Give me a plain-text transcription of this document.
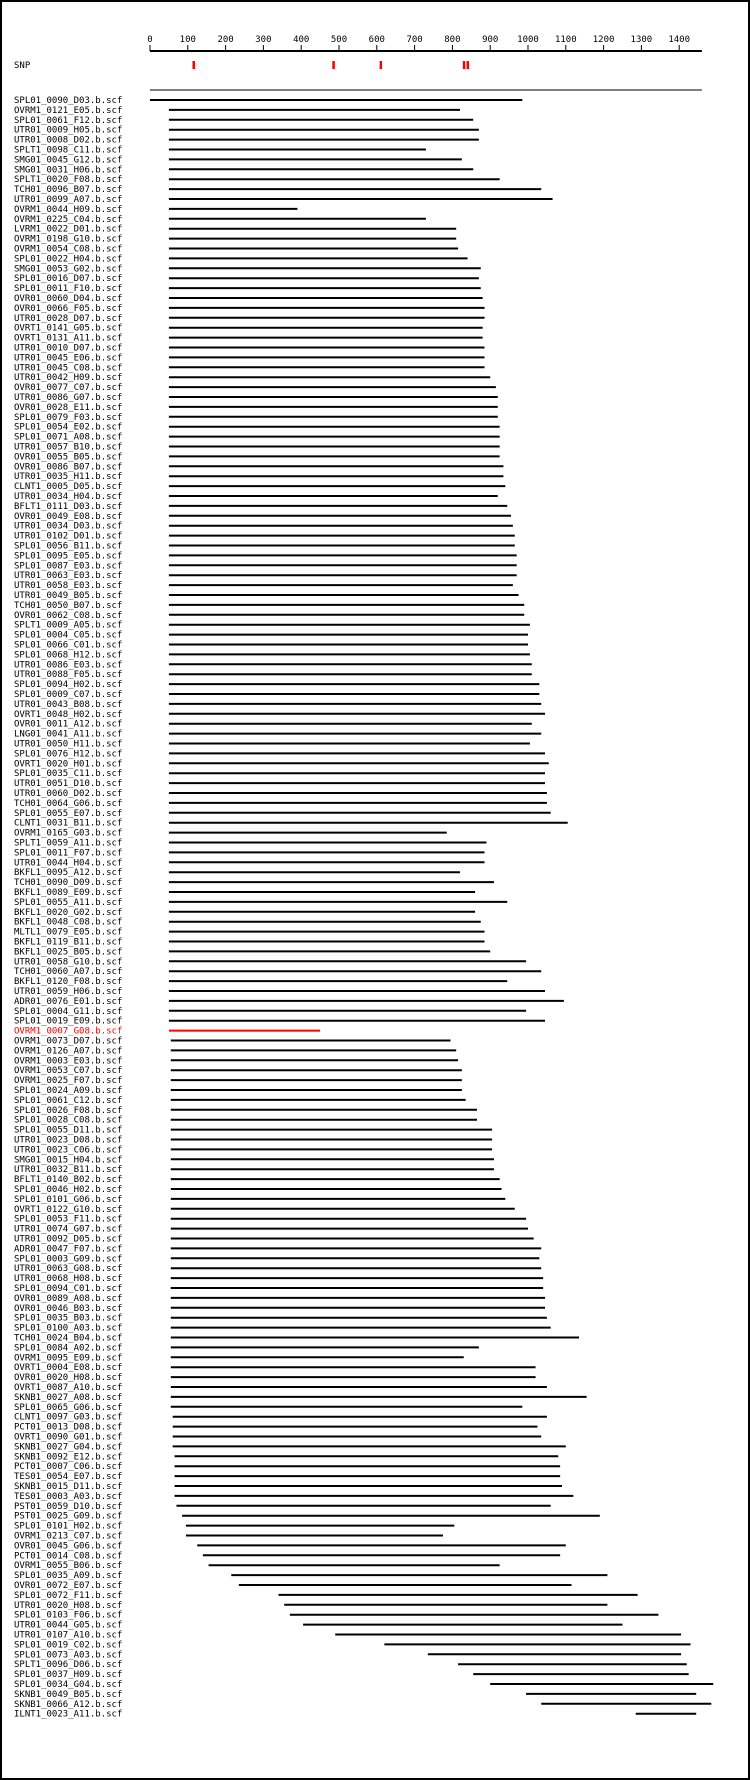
0	100 200 300 400 500 600 700 800 900 1000 1100 1200 1300 1400
SNP
SPL01_0090_D03.b.scf
OVRM1_0121_E05.b.scf
SPL01_0061_F12.b.scf
UTR01_0009_H05.b.scf
UTR01_0008_D02.b.scf
SPLT1_0098_C11.b.scf
SMG01_0045_G12.b.scf
SMG01_0031_H06.b.scf
SPLT1_0020_F08.b.scf
TCH01_0096_B07.b.scf
UTR01_0099_A07.b.scf
OVRM1_0044_H09.b.scf
OVRM1_0225_C04.b.scf
LVRM1_0022_D01.b.scf
OVRM1_0198_G10.b.scf
OVRM1_0054_C08.b.scf
SPL01_0022_H04.b.scf
SMG01_0053_G02.b.scf
SPL01_0016_D07.b.scf
SPL01_0011_F10.b.scf
OVR01_0060_D04.b.scf
OVR01_0066_F05.b.scf
UTR01_0028_D07.b.scf
OVRT1_0141_G05.b.scf
OVRT1_0131_A11.b.scf
UTR01_0010_D07.b.scf
UTR01_0045_E06.b.scf
UTR01_0045_C08.b.scf
UTR01_0042_H09.b.scf
OVR01_0077_C07.b.scf
UTR01_0086_G07.b.scf
OVR01_0028_E11.b.scf
SPL01_0079_F03.b.scf
SPL01_0054_E02.b.scf
SPL01_0071_A08.b.scf
UTR01_0057_B10.b.scf
OVR01_0055_B05.b.scf
OVR01_0086_B07.b.scf
UTR01_0035_H11.b.scf
CLNT1_0005_D05.b.scf
UTR01_0034_H04.b.scf
BFLT1_0111_D03.b.scf
OVR01_0049_E08.b.scf
UTR01_0034_D03.b.scf
UTR01_0102_D01.b.scf
SPL01_0056_B11.b.scf
SPL01_0095_E05.b.scf
SPL01_0087_E03.b.scf
UTR01_0063_E03.b.scf
UTR01_0058_E03.b.scf
UTR01_0049_B05.b.scf
TCH01_0050_B07.b.scf
OVR01_0062_C08.b.scf
SPLT1_0009_A05.b.scf
SPL01_0004_C05.b.scf
SPL01_0066_C01.b.scf
SPL01_0068_H12.b.scf
UTR01_0086_E03.b.scf
UTR01_0088_F05.b.scf
SPL01_0094_H02.b.scf
SPL01_0009_C07.b.scf
UTR01_0043_B08.b.scf
OVRT1_0048_H02.b.scf
OVR01_0011_A12.b.scf
LNG01_0041_A11.b.scf
UTR01_0050_H11.b.scf
SPL01_0076_H12.b.scf
OVRT1_0020_H01.b.scf
SPL01_0035_C11.b.scf
UTR01_0051_D10.b.scf
UTR01_0060_D02.b.scf
TCH01_0064_G06.b.scf
SPL01_0055_E07.b.scf
CLNT1_0031_B11.b.scf
OVRM1_0165_G03.b.scf
SPLT1_0059_A11.b.scf
SPL01_0011_F07.b.scf
UTR01_0044_H04.b.scf
BKFL1_0095_A12.b.scf
TCH01_0090_D09.b.scf
BKFL1_0089_E09.b.scf
SPL01_0055_A11.b.scf
BKFL1_0020_G02.b.scf
BKFL1_0048_C08.b.scf
MLTL1_0079_E05.b.scf
BKFL1_0119_B11.b.scf
BKFL1_0025_B05.b.scf
UTR01_0058_G10.b.scf
TCH01_0060_A07.b.scf
BKFL1_0120_F08.b.scf
UTR01_0059_H06.b.scf
ADR01_0076_E01.b.scf
SPL01_0004_G11.b.scf
SPL01_0019_E09.b.scf
OVRM1_0007_G08.b.scf
OVRM1_0073_D07.b.scf
OVRM1_0126_A07.b.scf
OVRM1_0003_E03.b.scf
OVRM1_0053_C07.b.scf
OVRM1_0025_F07.b.scf
SPL01_0024_A09.b.scf
SPL01_0061_C12.b.scf
SPL01_0026_F08.b.scf
SPL01_0028_C08.b.scf
SPL01_0055_D11.b.scf
UTR01_0023_D08.b.scf
UTR01_0023_C06.b.scf
SMG01_0015_H04.b.scf
UTR01_0032_B11.b.scf
BFLT1_0140_B02.b.scf
SPL01_0046_H02.b.scf
SPL01_0101_G06.b.scf
OVRT1_0122_G10.b.scf
SPL01_0053_F11.b.scf
UTR01_0074_G07.b.scf
UTR01_0092_D05.b.scf
ADR01_0047_F07.b.scf
SPL01_0003_G09.b.scf
UTR01_0063_G08.b.scf
UTR01_0068_H08.b.scf
SPL01_0094_C01.b.scf
OVR01_0089_A08.b.scf
OVR01_0046_B03.b.scf
SPL01_0035_B03.b.scf
SPL01_0100_A03.b.scf
TCH01_0024_B04.b.scf
SPL01_0084_A02.b.scf
OVRM1_0095_E09.b.scf
OVRT1_0004_E08.b.scf
OVR01_0020_H08.b.scf
OVRT1_0087_A10.b.scf
SKNB1_0027_A08.b.scf
SPL01_0065_G06.b.scf
CLNT1_0097_G03.b.scf
PCT01_0013_D08.b.scf
OVRT1_0090_G01.b.scf
SKNB1_0027_G04.b.scf
SKNB1_0092_E12.b.scf
PCT01_0007_C06.b.scf
TES01_0054_E07.b.scf
SKNB1_0015_D11.b.scf
TES01_0003_A03.b.scf
PST01_0059_D10.b.scf
PST01_0025_G09.b.scf
SPL01_0101_H02.b.scf
OVRM1_0213_C07.b.scf
OVR01_0045_G06.b.scf
PCT01_0014_C08.b.scf
OVRM1_0055_B06.b.scf
SPL01_0035_A09.b.scf
OVR01_0072_E07.b.scf
SPL01_0072_F11.b.scf
UTR01_0020_H08.b.scf
SPL01_0103_F06.b.scf
UTR01_0044_G05.b.scf
UTR01_0107_A10.b.scf
SPL01_0019_C02.b.scf
SPL01_0073_A03.b.scf
SPLT1_0096_D06.b.scf
SPL01_0037_H09.b.scf
SPL01_0034_G04.b.scf
SKNB1_0049_B05.b.scf
SKNB1_0066_A12.b.scf
ILNT1_0023_A11.b.scf
